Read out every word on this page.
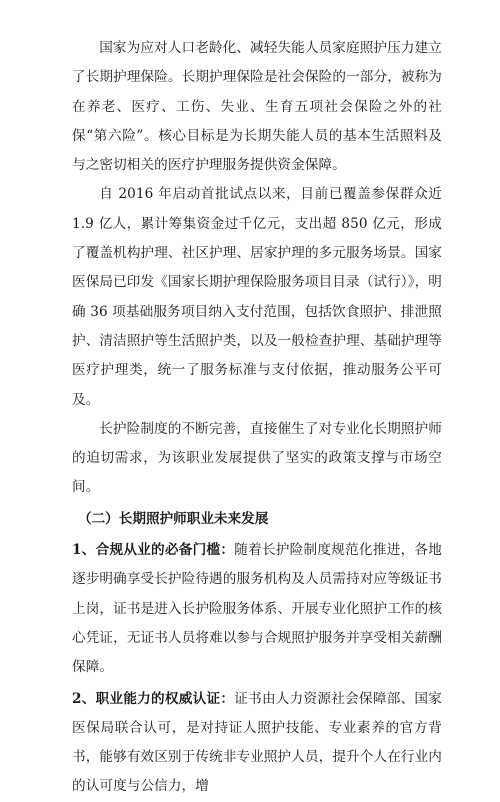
国家为应对人口老龄化、减轻失能人员家庭照护压力建立了长期护理保险。长期护理保险是社会保险的一部分，被称为在养老、医疗、工伤、失业、生育五项社会保险之外的社保“第六险”。核心目标是为长期失能人员的基本生活照料及与之密切相关的医疗护理服务提供资金保障。

自 2016 年启动首批试点以来，目前已覆盖参保群众近 1.9 亿人，累计筹集资金过千亿元，支出超 850 亿元，形成了覆盖机构护理、社区护理、居家护理的多元服务场景。国家医保局已印发《国家长期护理保险服务项目目录（试行）》，明确 36 项基础服务项目纳入支付范围，包括饮食照护、排泄照护、清洁照护等生活照护类，以及一般检查护理、基础护理等医疗护理类，统一了服务标准与支付依据，推动服务公平可及。

长护险制度的不断完善，直接催生了对专业化长期照护师的迫切需求，为该职业发展提供了坚实的政策支撑与市场空间。

（二）长期照护师职业未来发展

1、合规从业的必备门槛：随着长护险制度规范化推进，各地逐步明确享受长护险待遇的服务机构及人员需持对应等级证书上岗，证书是进入长护险服务体系、开展专业化照护工作的核心凭证，无证书人员将难以参与合规照护服务并享受相关薪酬保障。

2、职业能力的权威认证：证书由人力资源社会保障部、国家医保局联合认可，是对持证人照护技能、专业素养的官方背书，能够有效区别于传统非专业照护人员，提升个人在行业内的认可度与公信力，增
